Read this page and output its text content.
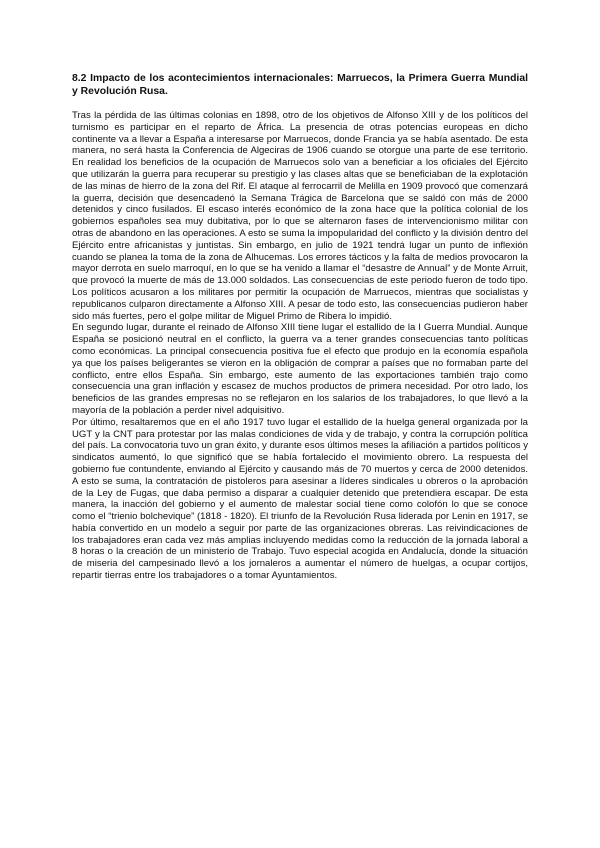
8.2 Impacto de los acontecimientos internacionales: Marruecos, la Primera Guerra Mundial y Revolución Rusa.

Tras la pérdida de las últimas colonias en 1898, otro de los objetivos de Alfonso XIII y de los políticos del turnismo es participar en el reparto de África. La presencia de otras potencias europeas en dicho continente va a llevar a España a interesarse por Marruecos, donde Francia ya se había asentado. De esta manera, no será hasta la Conferencia de Algeciras de 1906 cuando se otorgue una parte de ese territorio. En realidad los beneficios de la ocupación de Marruecos solo van a beneficiar a los oficiales del Ejército que utilizarán la guerra para recuperar su prestigio y las clases altas que se beneficiaban de la explotación de las minas de hierro de la zona del Rif. El ataque al ferrocarril de Melilla en 1909 provocó que comenzará la guerra, decisión que desencadenó la Semana Trágica de Barcelona que se saldó con más de 2000 detenidos y cinco fusilados. El escaso interés económico de la zona hace que la política colonial de los gobiernos españoles sea muy dubitativa, por lo que se alternaron fases de intervencionismo militar con otras de abandono en las operaciones. A esto se suma la impopularidad del conflicto y la división dentro del Ejército entre africanistas y juntistas. Sin embargo, en julio de 1921 tendrá lugar un punto de inflexión cuando se planea la toma de la zona de Alhucemas. Los errores tácticos y la falta de medios provocaron la mayor derrota en suelo marroquí, en lo que se ha venido a llamar el “desastre de Annual” y de Monte Arruit, que provocó la muerte de más de 13.000 soldados. Las consecuencias de este periodo fueron de todo tipo. Los políticos acusaron a los militares por permitir la ocupación de Marruecos, mientras que socialistas y republicanos culparon directamente a Alfonso XIII. A pesar de todo esto, las consecuencias pudieron haber sido más fuertes, pero el golpe militar de Miguel Primo de Ribera lo impidió.

En segundo lugar, durante el reinado de Alfonso XIII tiene lugar el estallido de la I Guerra Mundial. Aunque España se posicionó neutral en el conflicto, la guerra va a tener grandes consecuencias tanto políticas como económicas. La principal consecuencia positiva fue el efecto que produjo en la economía española ya que los países beligerantes se vieron en la obligación de comprar a países que no formaban parte del conflicto, entre ellos España. Sin embargo, este aumento de las exportaciones también trajo como consecuencia una gran inflación y escasez de muchos productos de primera necesidad. Por otro lado, los beneficios de las grandes empresas no se reflejaron en los salarios de los trabajadores, lo que llevó a la mayoría de la población a perder nivel adquisitivo.

Por último, resaltaremos que en el año 1917 tuvo lugar el estallido de la huelga general organizada por la UGT y la CNT para protestar por las malas condiciones de vida y de trabajo, y contra la corrupción política del país. La convocatoria tuvo un gran éxito, y durante esos últimos meses la afiliación a partidos políticos y sindicatos aumentó, lo que significó que se había fortalecido el movimiento obrero. La respuesta del gobierno fue contundente, enviando al Ejército y causando más de 70 muertos y cerca de 2000 detenidos. A esto se suma, la contratación de pistoleros para asesinar a líderes sindicales u obreros o la aprobación de la Ley de Fugas, que daba permiso a disparar a cualquier detenido que pretendiera escapar. De esta manera, la inacción del gobierno y el aumento de malestar social tiene como colofón lo que se conoce como el “trienio bolchevique” (1818 - 1820). El triunfo de la Revolución Rusa liderada por Lenin en 1917, se había convertido en un modelo a seguir por parte de las organizaciones obreras. Las reivindicaciones de los trabajadores eran cada vez más amplias incluyendo medidas como la reducción de la jornada laboral a 8 horas o la creación de un ministerio de Trabajo. Tuvo especial acogida en Andalucía, donde la situación de miseria del campesinado llevó a los jornaleros a aumentar el número de huelgas, a ocupar cortijos, repartir tierras entre los trabajadores o a tomar Ayuntamientos.
